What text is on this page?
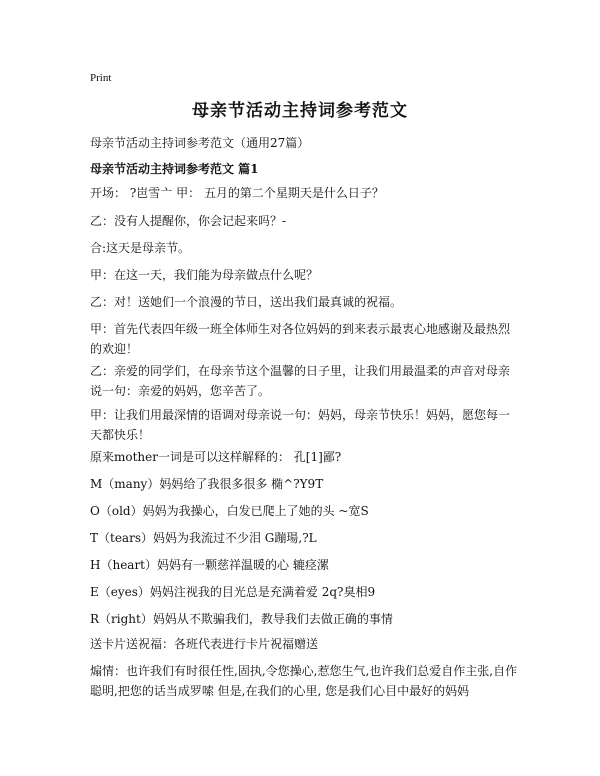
Print
母亲节活动主持词参考范文
母亲节活动主持词参考范文（通用27篇）
母亲节活动主持词参考范文 篇1
开场： ?岜雪亠 甲： 五月的第二个星期天是什么日子？
乙：没有人提醒你，你会记起来吗？-
合:这天是母亲节。
甲：在这一天，我们能为母亲做点什么呢？
乙：对！送她们一个浪漫的节日，送出我们最真诚的祝福。
甲：首先代表四年级一班全体师生对各位妈妈的到来表示最衷心地感谢及最热烈的欢迎！
乙：亲爱的同学们，在母亲节这个温馨的日子里，让我们用最温柔的声音对母亲说一句：亲爱的妈妈，您辛苦了。
甲：让我们用最深情的语调对母亲说一句：妈妈，母亲节快乐！妈妈，愿您每一天都快乐！
原来mother一词是可以这样解释的： 孔[1]鄙?
M（many）妈妈给了我很多很多 椭^?Y9T
O（old）妈妈为我操心，白发已爬上了她的头 ~宽S
T（tears）妈妈为我流过不少泪 G蹦瑒,?L
H（heart）妈妈有一颗慈祥温暖的心 辘痉漯
E（eyes）妈妈注视我的目光总是充满着爱 2q?臭相9
R（right）妈妈从不欺骗我们，教导我们去做正确的事情
送卡片送祝福：各班代表进行卡片祝福赠送
煽情：也许我们有时很任性,固执,令您操心,惹您生气,也许我们总爱自作主张,自作聪明,把您的话当成罗嗦 但是,在我们的心里, 您是我们心目中最好的妈妈
